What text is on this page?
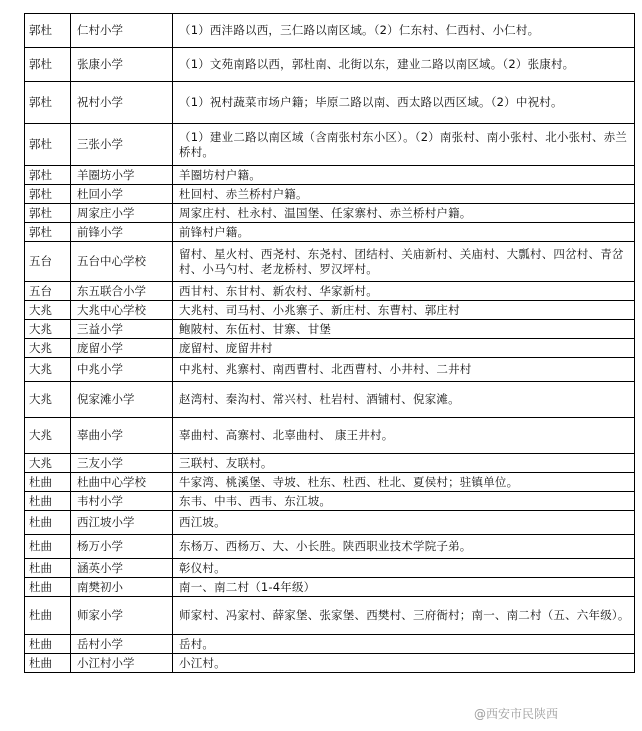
郭杜	仁村小学	（1）西沣路以西，三仁路以南区域。（2）仁东村、仁西村、小仁村。
郭杜	张康小学	（1）文苑南路以西，郭杜南、北街以东，建业二路以南区域。（2）张康村。
郭杜	祝村小学	（1）祝村蔬菜市场户籍；毕原二路以南、西太路以西区域。（2）中祝村。
郭杜	三张小学	（1）建业二路以南区域（含南张村东小区）。（2）南张村、南小张村、北小张村、赤兰桥村。
郭杜	羊圈坊小学	羊圈坊村户籍。
郭杜	杜回小学	杜回村、赤兰桥村户籍。
郭杜	周家庄小学	周家庄村、杜永村、温国堡、任家寨村、赤兰桥村户籍。
郭杜	前锋小学	前锋村户籍。
五台	五台中心学校	留村、星火村、西尧村、东尧村、团结村、关庙新村、关庙村、大瓢村、四岔村、青岔村、小马勺村、老龙桥村、罗汉坪村。
五台	东五联合小学	西甘村、东甘村、新农村、华家新村。
大兆	大兆中心学校	大兆村、司马村、小兆寨子、新庄村、东曹村、郭庄村
大兆	三益小学	鲍陂村、东伍村、甘寨、甘堡
大兆	庞留小学	庞留村、庞留井村
大兆	中兆小学	中兆村、兆寨村、南西曹村、北西曹村、小井村、二井村
大兆	倪家滩小学	赵湾村、秦沟村、常兴村、杜岩村、酒铺村、倪家滩。
大兆	辜曲小学	辜曲村、高寨村、北辜曲村、 康王井村。
大兆	三友小学	三联村、友联村。
杜曲	杜曲中心学校	牛家湾、桃溪堡、寺坡、杜东、杜西、杜北、夏侯村；驻镇单位。
杜曲	韦村小学	东韦、中韦、西韦、东江坡。
杜曲	西江坡小学	西江坡。
杜曲	杨万小学	东杨万、西杨万、大、小长胜。陕西职业技术学院子弟。
杜曲	涵英小学	彰仪村。
杜曲	南樊初小	南一、南二村（1-4年级）
杜曲	师家小学	师家村、冯家村、薛家堡、张家堡、西樊村、三府衙村；南一、南二村（五、六年级）。
杜曲	岳村小学	岳村。
杜曲	小江村小学	小江村。
@西安市民陕西
